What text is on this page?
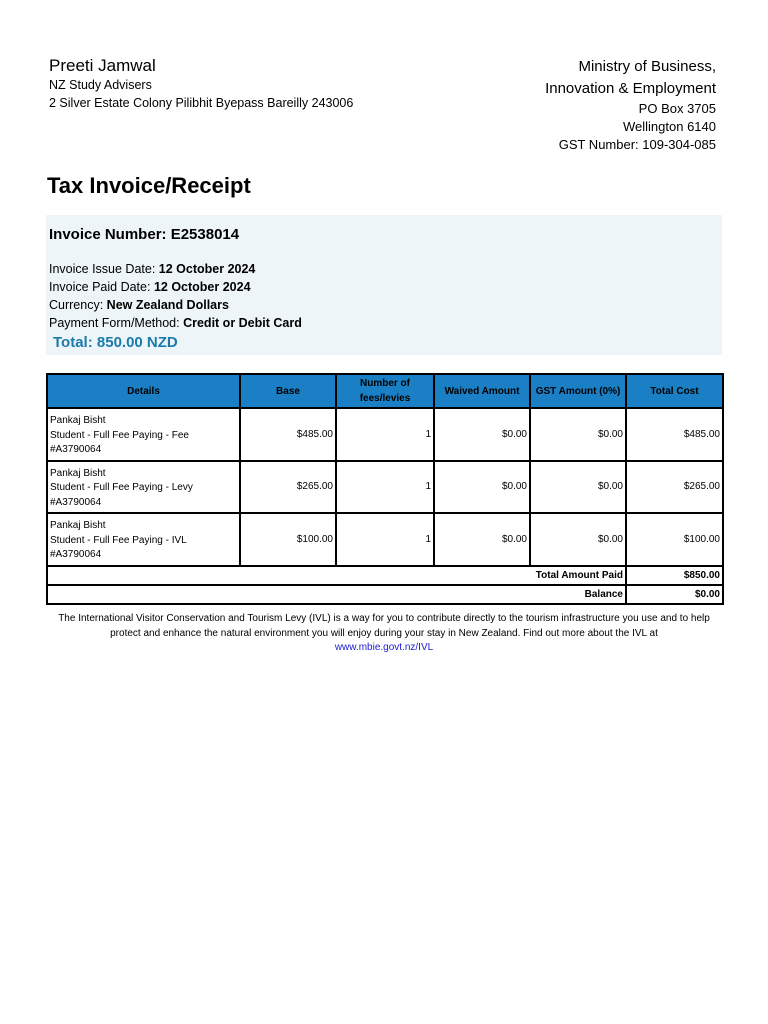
Preeti Jamwal
NZ Study Advisers
2 Silver Estate Colony Pilibhit Byepass Bareilly 243006
Ministry of Business,
Innovation & Employment
PO Box 3705
Wellington 6140
GST Number: 109-304-085
Tax Invoice/Receipt
Invoice Number: E2538014
Invoice Issue Date: 12 October 2024
Invoice Paid Date: 12 October 2024
Currency: New Zealand Dollars
Payment Form/Method: Credit or Debit Card
Total: 850.00 NZD
Details	Base	Number of fees/levies	Waived Amount	GST Amount (0%)	Total Cost

Pankaj Bisht
Student - Full Fee Paying - Fee
#A3790064	$485.00	1	$0.00	$0.00	$485.00

Pankaj Bisht
Student - Full Fee Paying - Levy
#A3790064	$265.00	1	$0.00	$0.00	$265.00

Pankaj Bisht
Student - Full Fee Paying - IVL
#A3790064	$100.00	1	$0.00	$0.00	$100.00
Total Amount Paid					$850.00
Balance					$0.00
The International Visitor Conservation and Tourism Levy (IVL) is a way for you to contribute directly to the tourism infrastructure you use and to help protect and enhance the natural environment you will enjoy during your stay in New Zealand. Find out more about the IVL at
www.mbie.govt.nz/IVL
